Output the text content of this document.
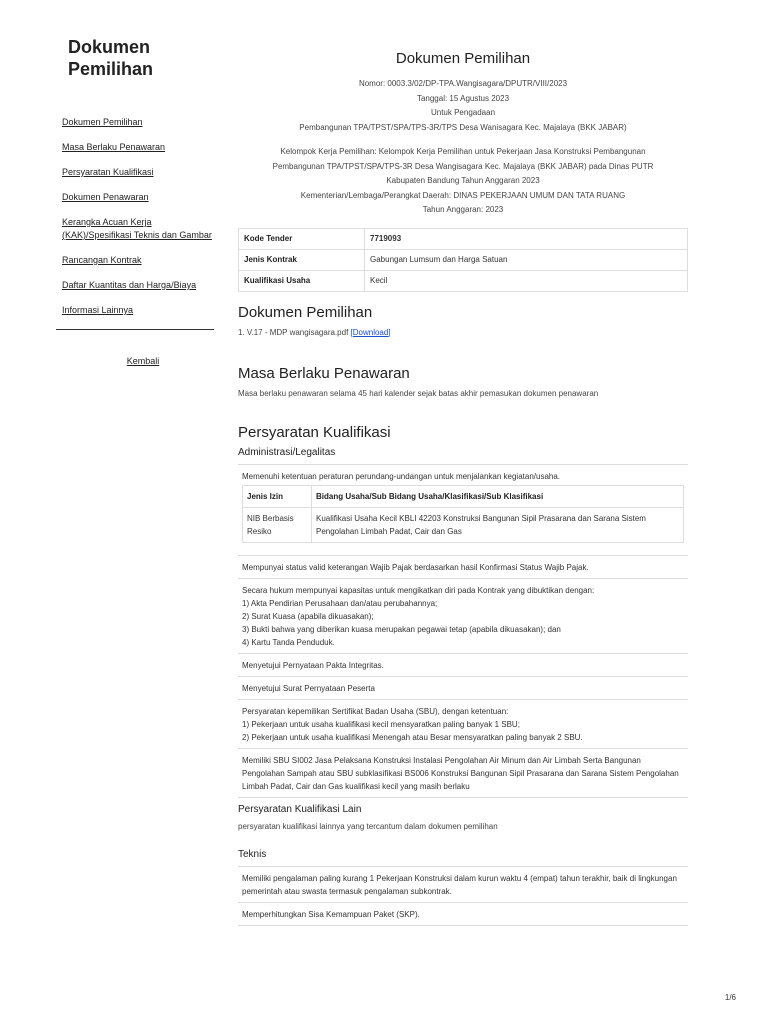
Dokumen Pemilihan
Dokumen Pemilihan
Masa Berlaku Penawaran
Persyaratan Kualifikasi
Dokumen Penawaran
Kerangka Acuan Kerja (KAK)/Spesifikasi Teknis dan Gambar
Rancangan Kontrak
Daftar Kuantitas dan Harga/Biaya
Informasi Lainnya
Kembali
Dokumen Pemilihan

Nomor: 0003.3/02/DP-TPA.Wangisagara/DPUTR/VIII/2023

Tanggal: 15 Agustus 2023

Untuk Pengadaan

Pembangunan TPA/TPST/SPA/TPS-3R/TPS Desa Wanisagara Kec. Majalaya (BKK JABAR)

Kelompok Kerja Pemilihan: Kelompok Kerja Pemilihan untuk Pekerjaan Jasa Konstruksi Pembangunan

Pembangunan TPA/TPST/SPA/TPS-3R Desa Wangisagara Kec. Majalaya (BKK JABAR) pada Dinas PUTR

Kabupaten Bandung Tahun Anggaran 2023

Kementerian/Lembaga/Perangkat Daerah: DINAS PEKERJAAN UMUM DAN TATA RUANG

Tahun Anggaran: 2023

Kode Tender	7719093
Jenis Kontrak	Gabungan Lumsum dan Harga Satuan
Kualifikasi Usaha	Kecil
Dokumen Pemilihan
1. V.17 - MDP wangisagara.pdf [Download]
Masa Berlaku Penawaran
Masa berlaku penawaran selama 45 hari kalender sejak batas akhir pemasukan dokumen penawaran
Persyaratan Kualifikasi
Administrasi/Legalitas
Memenuhi ketentuan peraturan perundang-undangan untuk menjalankan kegiatan/usaha.
Jenis Izin	Bidang Usaha/Sub Bidang Usaha/Klasifikasi/Sub Klasifikasi
NIB Berbasis Resiko	Kualifikasi Usaha Kecil KBLI 42203 Konstruksi Bangunan Sipil Prasarana dan Sarana Sistem Pengolahan Limbah Padat, Cair dan Gas
Mempunyai status valid keterangan Wajib Pajak berdasarkan hasil Konfirmasi Status Wajib Pajak.
Secara hukum mempunyai kapasitas untuk mengikatkan diri pada Kontrak yang dibuktikan dengan:
1) Akta Pendirian Perusahaan dan/atau perubahannya;
2) Surat Kuasa (apabila dikuasakan);
3) Bukti bahwa yang diberikan kuasa merupakan pegawai tetap (apabila dikuasakan); dan
4) Kartu Tanda Penduduk.
Menyetujui Pernyataan Pakta Integritas.
Menyetujui Surat Pernyataan Peserta
Persyaratan kepemilikan Sertifikat Badan Usaha (SBU), dengan ketentuan:
1) Pekerjaan untuk usaha kualifikasi kecil mensyaratkan paling banyak 1 SBU;
2) Pekerjaan untuk usaha kualifikasi Menengah atau Besar mensyaratkan paling banyak 2 SBU.
Memiliki SBU SI002 Jasa Pelaksana Konstruksi Instalasi Pengolahan Air Minum dan Air Limbah Serta Bangunan Pengolahan Sampah atau SBU subklasifikasi BS006 Konstruksi Bangunan Sipil Prasarana dan Sarana Sistem Pengolahan Limbah Padat, Cair dan Gas kualifikasi kecil yang masih berlaku
Persyaratan Kualifikasi Lain
persyaratan kualifikasi lainnya yang tercantum dalam dokumen pemilihan
Teknis
Memiliki pengalaman paling kurang 1 Pekerjaan Konstruksi dalam kurun waktu 4 (empat) tahun terakhir, baik di lingkungan pemerintah atau swasta termasuk pengalaman subkontrak.
Memperhitungkan Sisa Kemampuan Paket (SKP).
1/6
